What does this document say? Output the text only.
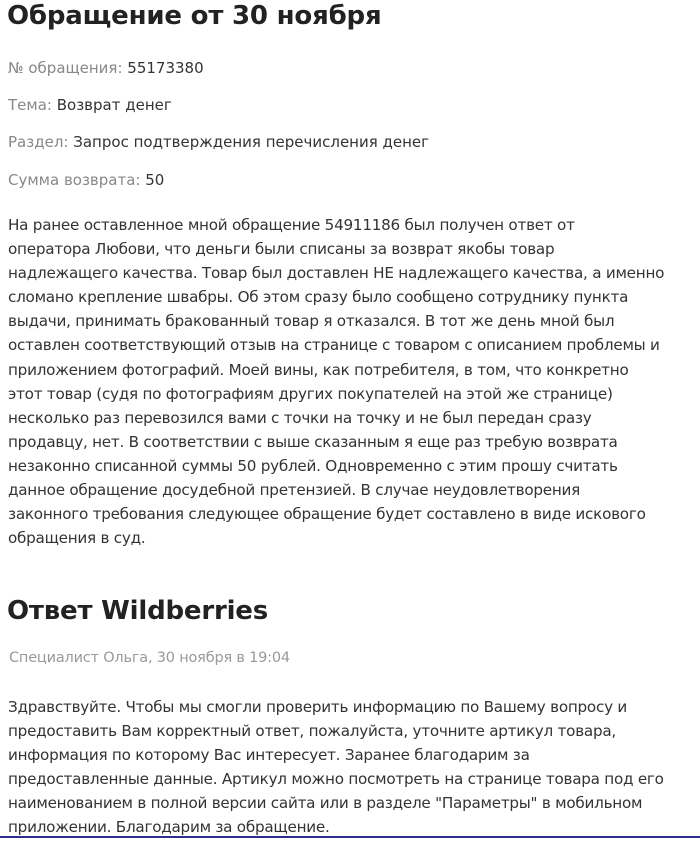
Обращение от 30 ноября
№ обращения: 55173380
Тема: Возврат денег
Раздел: Запрос подтверждения перечисления денег
Сумма возврата: 50
На ранее оставленное мной обращение 54911186 был получен ответ от
оператора Любови, что деньги были списаны за возврат якобы товар
надлежащего качества. Товар был доставлен НЕ надлежащего качества, а именно
сломано крепление швабры. Об этом сразу было сообщено сотруднику пункта
выдачи, принимать бракованный товар я отказался. В тот же день мной был
оставлен соответствующий отзыв на странице с товаром с описанием проблемы и
приложением фотографий. Моей вины, как потребителя, в том, что конкретно
этот товар (судя по фотографиям других покупателей на этой же странице)
несколько раз перевозился вами с точки на точку и не был передан сразу
продавцу, нет. В соответствии с выше сказанным я еще раз требую возврата
незаконно списанной суммы 50 рублей. Одновременно с этим прошу считать
данное обращение досудебной претензией. В случае неудовлетворения
законного требования следующее обращение будет составлено в виде искового
обращения в суд.
Ответ Wildberries
Специалист Ольга, 30 ноября в 19:04
Здравствуйте. Чтобы мы смогли проверить информацию по Вашему вопросу и
предоставить Вам корректный ответ, пожалуйста, уточните артикул товара,
информация по которому Вас интересует. Заранее благодарим за
предоставленные данные. Артикул можно посмотреть на странице товара под его
наименованием в полной версии сайта или в разделе "Параметры" в мобильном
приложении. Благодарим за обращение.
